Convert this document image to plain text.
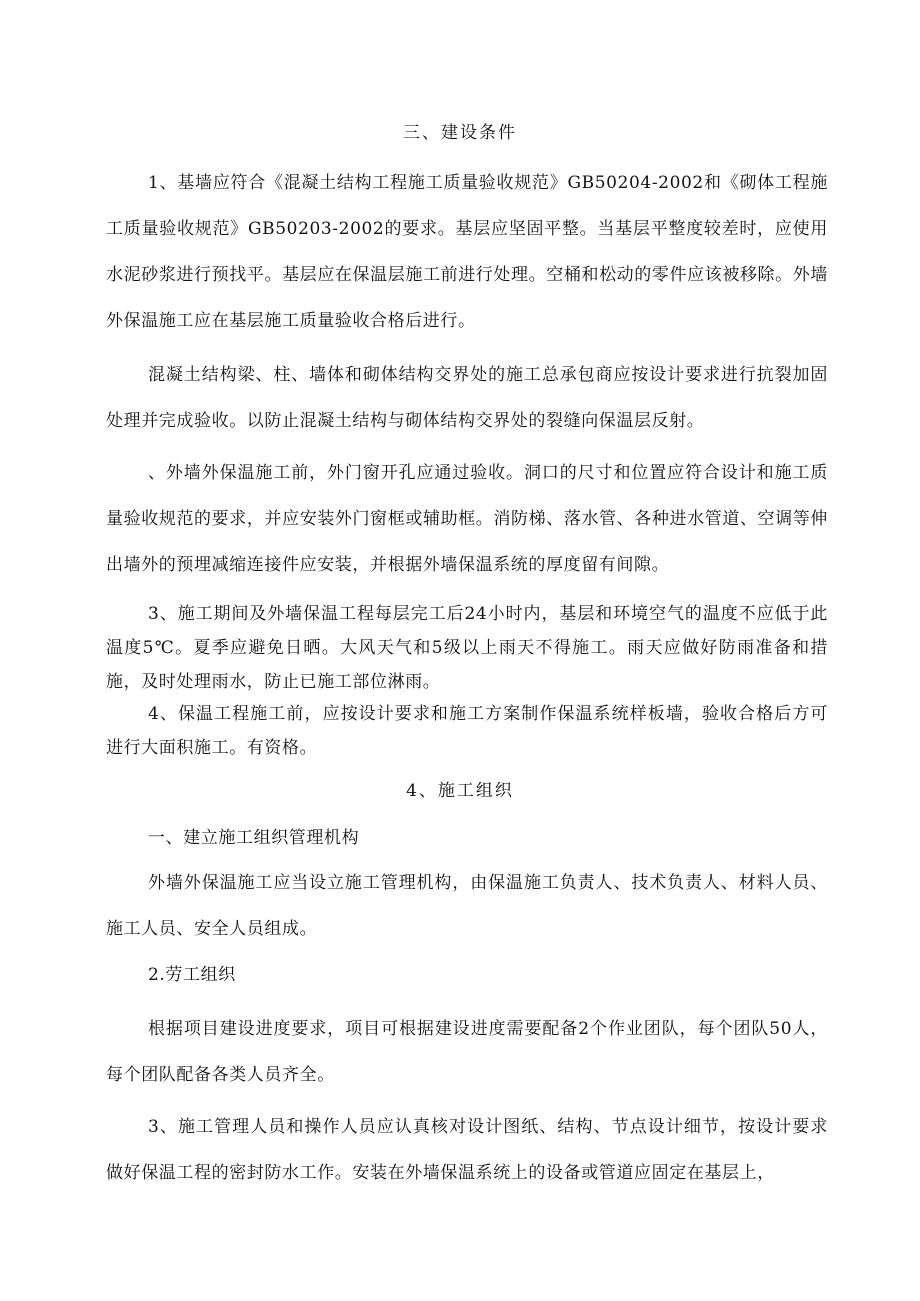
三、建设条件
1、基墙应符合《混凝土结构工程施工质量验收规范》GB50204-2002和《砌体工程施工质量验收规范》GB50203-2002的要求。基层应坚固平整。当基层平整度较差时，应使用水泥砂浆进行预找平。基层应在保温层施工前进行处理。空桶和松动的零件应该被移除。外墙外保温施工应在基层施工质量验收合格后进行。
混凝土结构梁、柱、墙体和砌体结构交界处的施工总承包商应按设计要求进行抗裂加固处理并完成验收。以防止混凝土结构与砌体结构交界处的裂缝向保温层反射。
、外墙外保温施工前，外门窗开孔应通过验收。洞口的尺寸和位置应符合设计和施工质量验收规范的要求，并应安装外门窗框或辅助框。消防梯、落水管、各种进水管道、空调等伸出墙外的预埋减缩连接件应安装，并根据外墙保温系统的厚度留有间隙。
3、施工期间及外墙保温工程每层完工后24小时内，基层和环境空气的温度不应低于此温度5℃。夏季应避免日晒。大风天气和5级以上雨天不得施工。雨天应做好防雨准备和措施，及时处理雨水，防止已施工部位淋雨。
4、保温工程施工前，应按设计要求和施工方案制作保温系统样板墙，验收合格后方可进行大面积施工。有资格。
4、施工组织
一、建立施工组织管理机构
外墙外保温施工应当设立施工管理机构，由保温施工负责人、技术负责人、材料人员、施工人员、安全人员组成。
2.劳工组织
根据项目建设进度要求，项目可根据建设进度需要配备2个作业团队，每个团队50人，每个团队配备各类人员齐全。
3、施工管理人员和操作人员应认真核对设计图纸、结构、节点设计细节，按设计要求做好保温工程的密封防水工作。安装在外墙保温系统上的设备或管道应固定在基层上，
